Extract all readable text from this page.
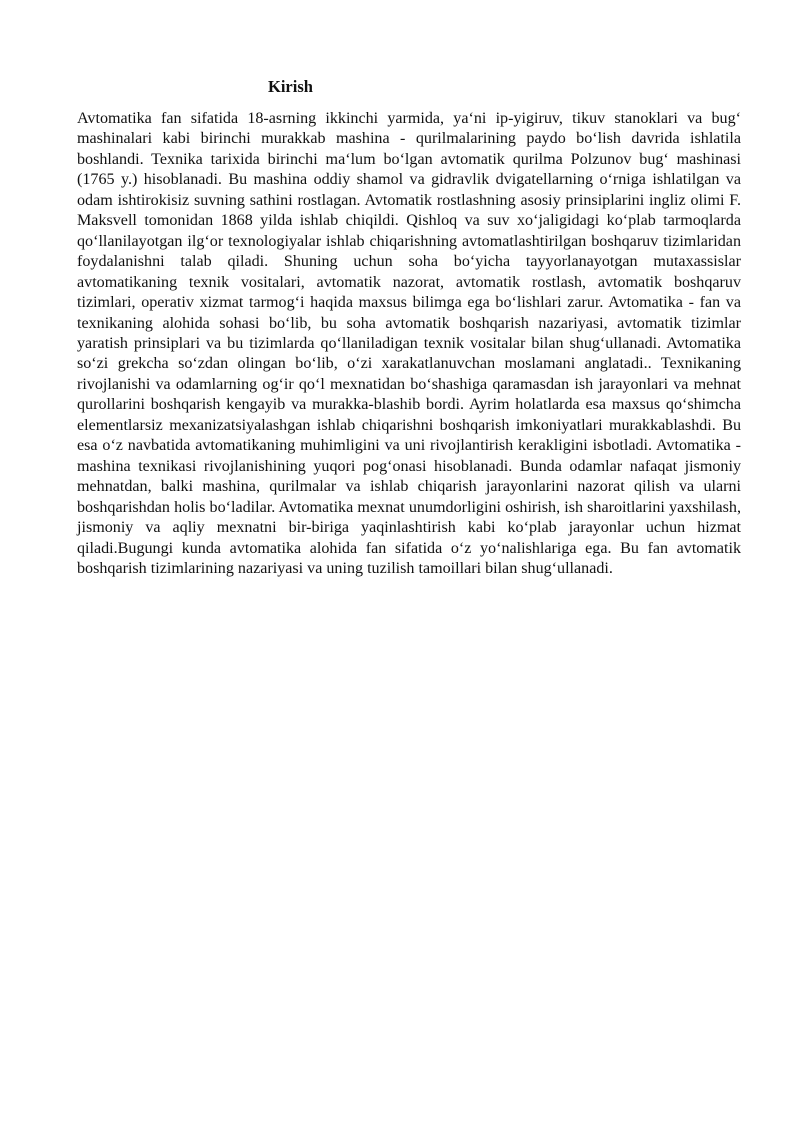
Kirish

Avtomatika fan sifatida 18-asrning ikkinchi yarmida, ya‘ni ip-yigiruv, tikuv stanoklari va bug‘ mashinalari kabi birinchi murakkab mashina - qurilmalarining paydo bo‘lish davrida ishlatila boshlandi. Texnika tarixida birinchi ma‘lum bo‘lgan avtomatik qurilma Polzunov bug‘ mashinasi (1765 y.) hisoblanadi. Bu mashina oddiy shamol va gidravlik dvigatellarning o‘rniga ishlatilgan va odam ishtirokisiz suvning sathini rostlagan. Avtomatik rostlashning asosiy prinsiplarini ingliz olimi F. Maksvell tomonidan 1868 yilda ishlab chiqildi. Qishloq va suv xo‘jaligidagi ko‘plab tarmoqlarda qo‘llanilayotgan ilg‘or texnologiyalar ishlab chiqarishning avtomatlashtirilgan boshqaruv tizimlaridan foydalanishni talab qiladi. Shuning uchun soha bo‘yicha tayyorlanayotgan mutaxassislar avtomatikaning texnik vositalari, avtomatik nazorat, avtomatik rostlash, avtomatik boshqaruv tizimlari, operativ xizmat tarmog‘i haqida maxsus bilimga ega bo‘lishlari zarur. Avtomatika - fan va texnikaning alohida sohasi bo‘lib, bu soha avtomatik boshqarish nazariyasi, avtomatik tizimlar yaratish prinsiplari va bu tizimlarda qo‘llaniladigan texnik vositalar bilan shug‘ullanadi. Avtomatika so‘zi grekcha so‘zdan olingan bo‘lib, o‘zi xarakatlanuvchan moslamani anglatadi.. Texnikaning rivojlanishi va odamlarning og‘ir qo‘l mexnatidan bo‘shashiga qaramasdan ish jarayonlari va mehnat qurollarini boshqarish kengayib va murakka-blashib bordi. Ayrim holatlarda esa maxsus qo‘shimcha elementlarsiz mexanizatsiyalashgan ishlab chiqarishni boshqarish imkoniyatlari murakkablashdi. Bu esa o‘z navbatida avtomatikaning muhimligini va uni rivojlantirish kerakligini isbotladi. Avtomatika - mashina texnikasi rivojlanishining yuqori pog‘onasi hisoblanadi. Bunda odamlar nafaqat jismoniy mehnatdan, balki mashina, qurilmalar va ishlab chiqarish jarayonlarini nazorat qilish va ularni boshqarishdan holis bo‘ladilar. Avtomatika mexnat unumdorligini oshirish, ish sharoitlarini yaxshilash, jismoniy va aqliy mexnatni bir-biriga yaqinlashtirish kabi ko‘plab jarayonlar uchun hizmat qiladi.Bugungi kunda avtomatika alohida fan sifatida o‘z yo‘nalishlariga ega. Bu fan avtomatik boshqarish tizimlarining nazariyasi va uning tuzilish tamoillari bilan shug‘ullanadi.
